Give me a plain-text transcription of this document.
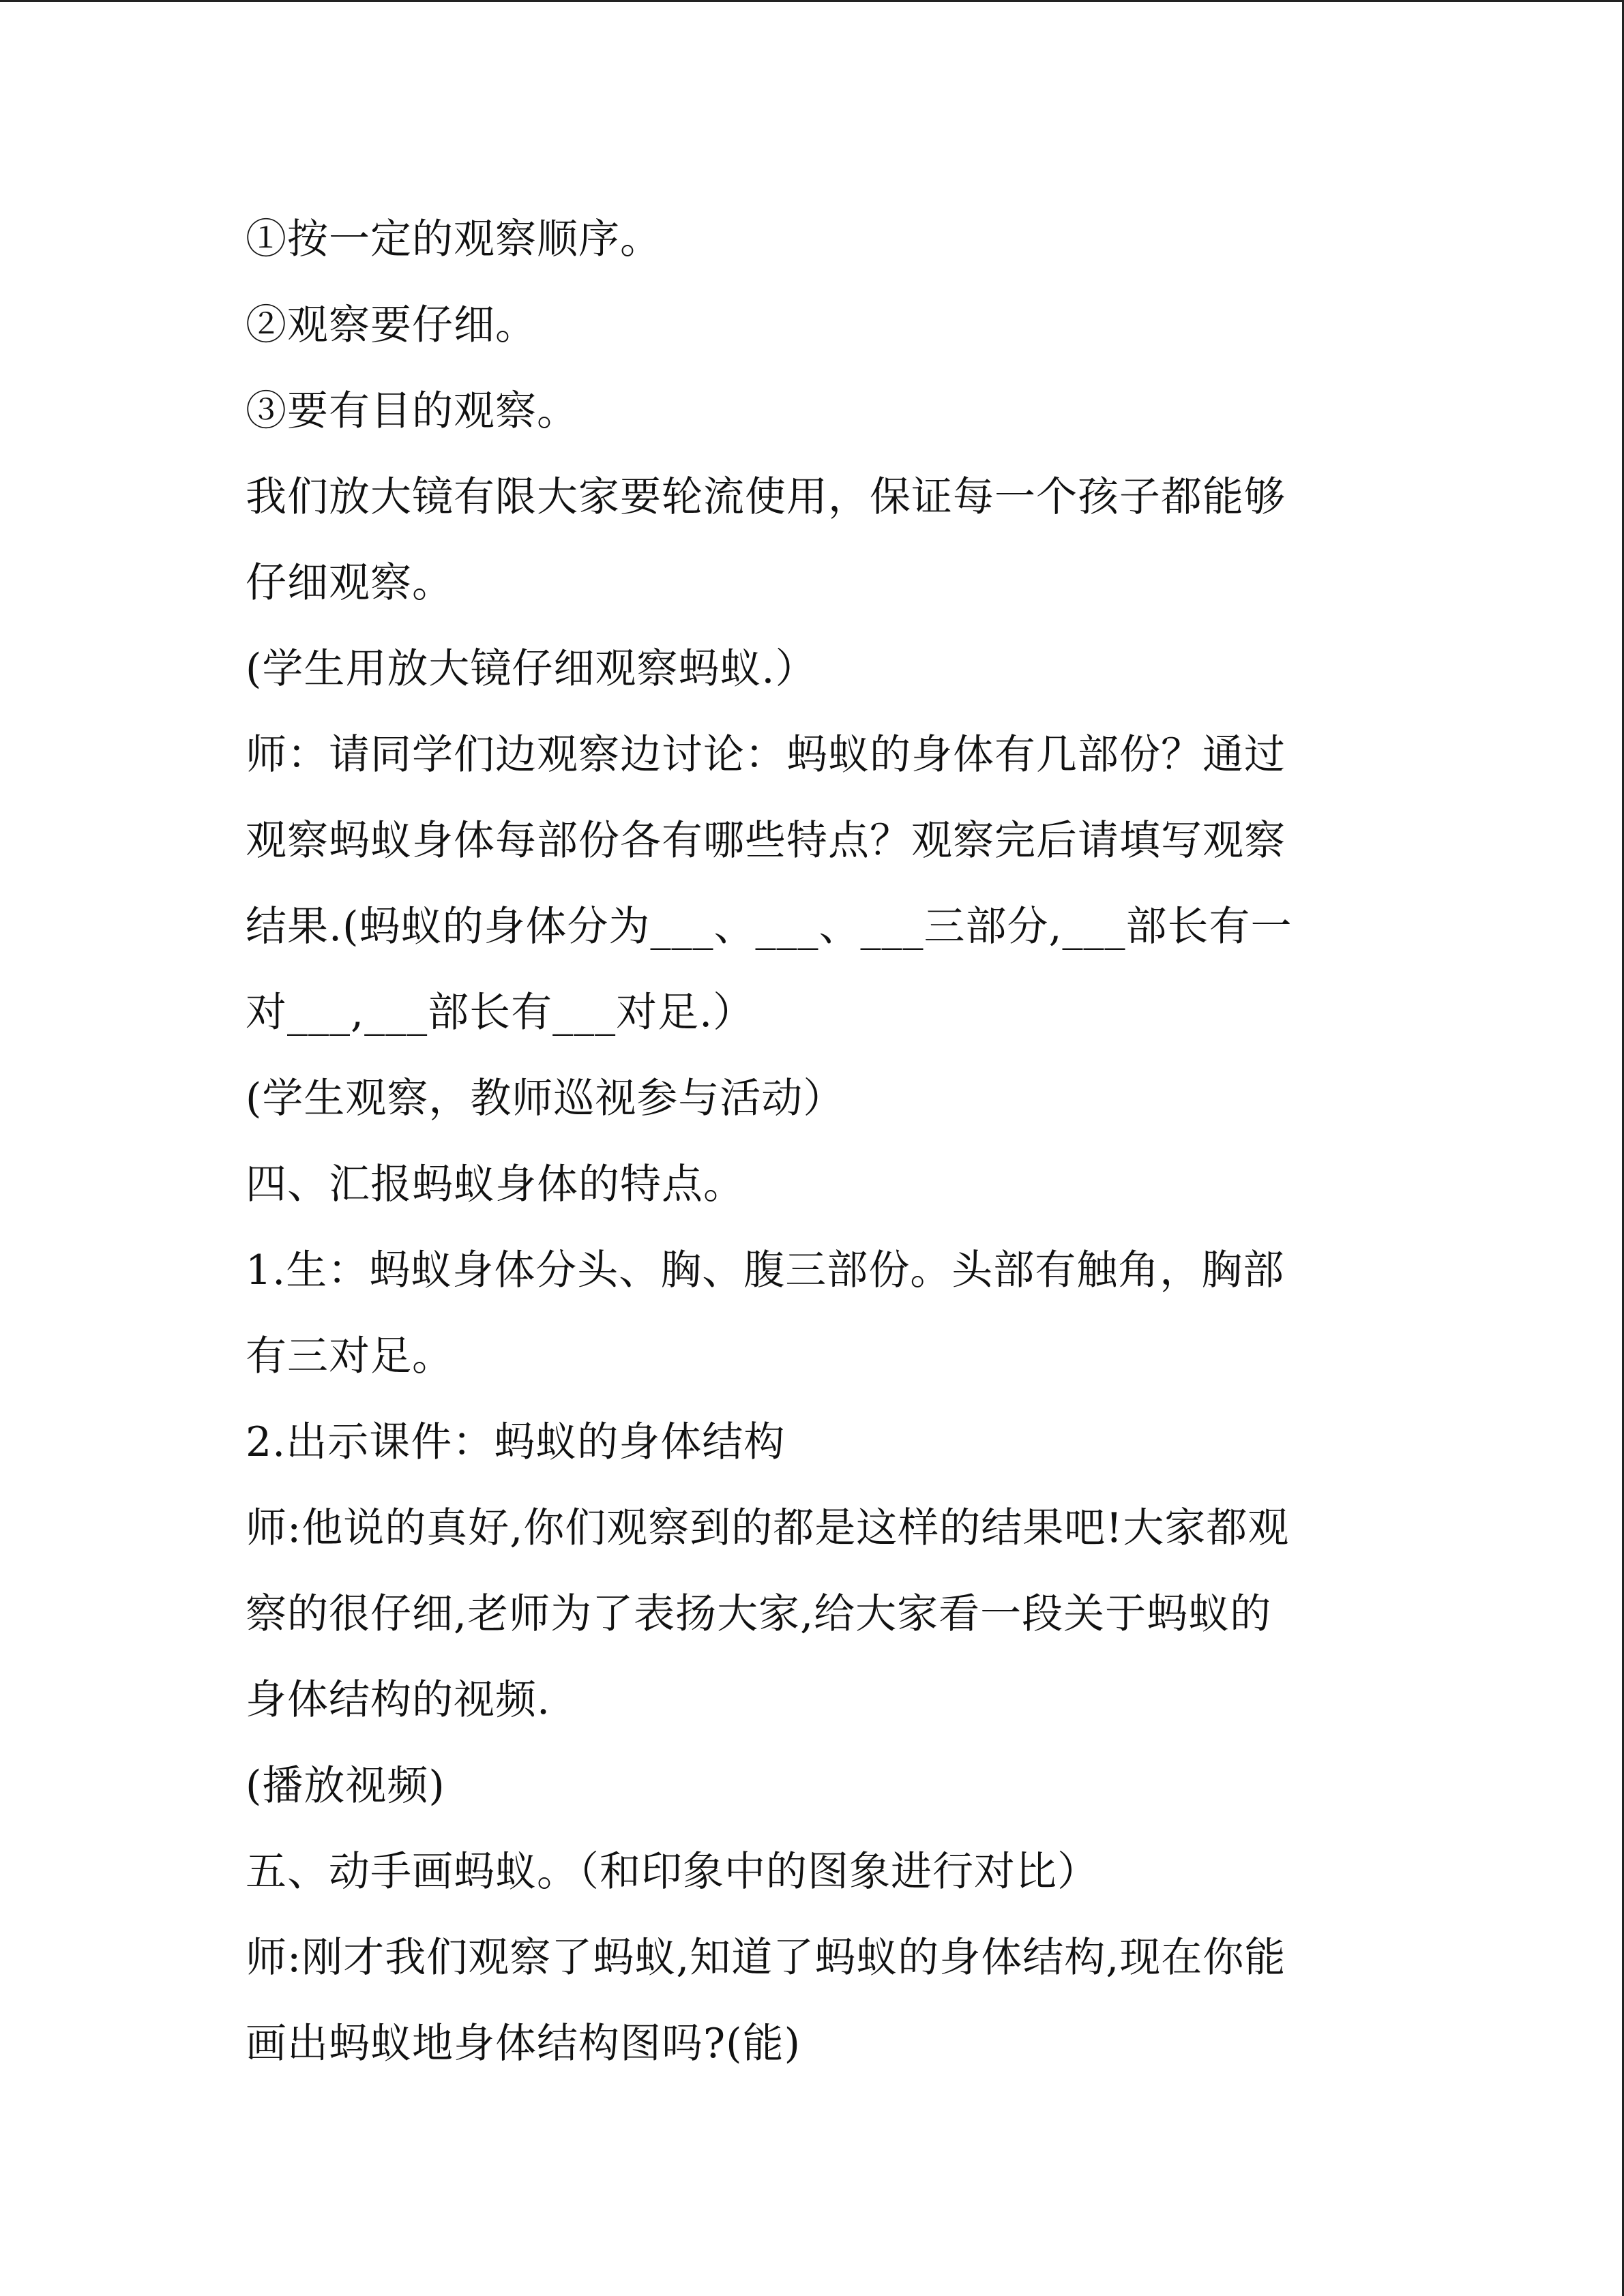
①按一定的观察顺序。
②观察要仔细。
③要有目的观察。
我们放大镜有限大家要轮流使用，保证每一个孩子都能够
仔细观察。
(学生用放大镜仔细观察蚂蚁.）
师：请同学们边观察边讨论：蚂蚁的身体有几部份？通过
观察蚂蚁身体每部份各有哪些特点？观察完后请填写观察
结果.(蚂蚁的身体分为___、___、___三部分,___部长有一
对___,___部长有___对足.）
(学生观察，教师巡视参与活动）
四、汇报蚂蚁身体的特点。
1.生：蚂蚁身体分头、胸、腹三部份。头部有触角，胸部
有三对足。
2.出示课件：蚂蚁的身体结构
师:他说的真好,你们观察到的都是这样的结果吧!大家都观
察的很仔细,老师为了表扬大家,给大家看一段关于蚂蚁的
身体结构的视频.
(播放视频)
五、动手画蚂蚁。（和印象中的图象进行对比）
师:刚才我们观察了蚂蚁,知道了蚂蚁的身体结构,现在你能
画出蚂蚁地身体结构图吗?(能)
